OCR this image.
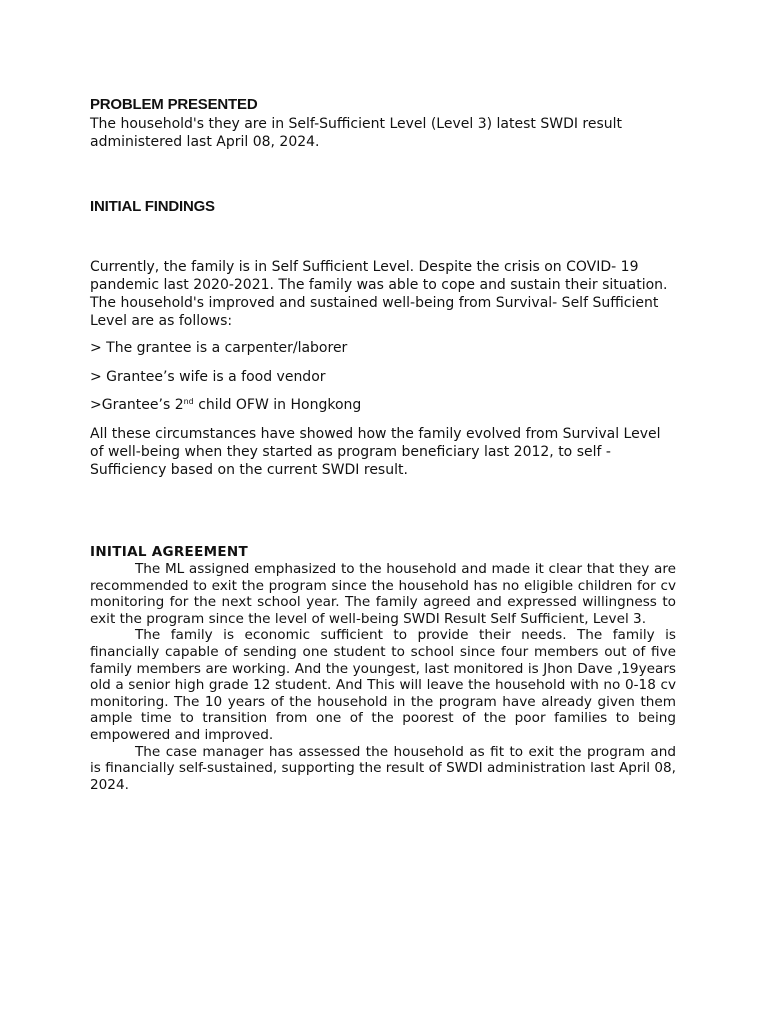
PROBLEM PRESENTED

The household's they are in Self-Sufficient Level (Level 3) latest SWDI result administered last April 08, 2024.

INITIAL FINDINGS

Currently, the family is in Self Sufficient Level. Despite the crisis on COVID- 19 pandemic last 2020-2021. The family was able to cope and sustain their situation. The household's improved and sustained well-being from Survival- Self Sufficient Level are as follows:

> The grantee is a carpenter/laborer

> Grantee’s wife is a food vendor

>Grantee’s 2nd child OFW in Hongkong

All these circumstances have showed how the family evolved from Survival Level of well-being when they started as program beneficiary last 2012, to self -Sufficiency based on the current SWDI result.

INITIAL AGREEMENT

The ML assigned emphasized to the household and made it clear that they are recommended to exit the program since the household has no eligible children for cv monitoring for the next school year. The family agreed and expressed willingness to exit the program since the level of well-being SWDI Result Self Sufficient, Level 3.

The family is economic sufficient to provide their needs. The family is financially capable of sending one student to school since four members out of five family members are working. And the youngest, last monitored is Jhon Dave ,19years old a senior high grade 12 student. And This will leave the household with no 0-18 cv monitoring. The 10 years of the household in the program have already given them ample time to transition from one of the poorest of the poor families to being empowered and improved.

The case manager has assessed the household as fit to exit the program and is financially self-sustained, supporting the result of SWDI administration last April 08, 2024.
